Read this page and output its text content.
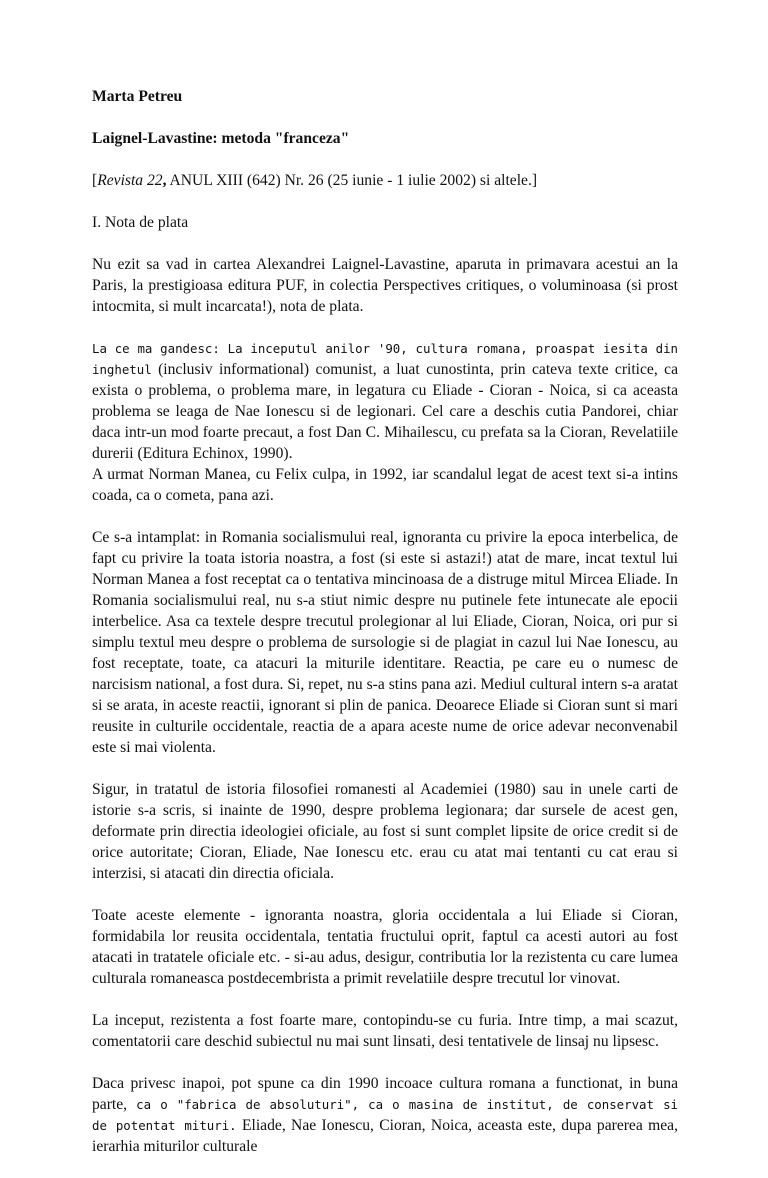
Marta Petreu
Laignel-Lavastine: metoda "franceza"
[Revista 22, ANUL XIII (642) Nr. 26 (25 iunie - 1 iulie 2002) si altele.]
I. Nota de plata

Nu ezit sa vad in cartea Alexandrei Laignel-Lavastine, aparuta in primavara acestui an la Paris, la prestigioasa editura PUF, in colectia Perspectives critiques, o voluminoasa (si prost intocmita, si mult incarcata!), nota de plata.

La ce ma gandesc: La inceputul anilor '90, cultura romana, proaspat iesita din inghetul (inclusiv informational) comunist, a luat cunostinta, prin cateva texte critice, ca exista o problema, o problema mare, in legatura cu Eliade - Cioran - Noica, si ca aceasta problema se leaga de Nae Ionescu si de legionari. Cel care a deschis cutia Pandorei, chiar daca intr-un mod foarte precaut, a fost Dan C. Mihailescu, cu prefata sa la Cioran, Revelatiile durerii (Editura Echinox, 1990).

A urmat Norman Manea, cu Felix culpa, in 1992, iar scandalul legat de acest text si-a intins coada, ca o cometa, pana azi.

Ce s-a intamplat: in Romania socialismului real, ignoranta cu privire la epoca interbelica, de fapt cu privire la toata istoria noastra, a fost (si este si astazi!) atat de mare, incat textul lui Norman Manea a fost receptat ca o tentativa mincinoasa de a distruge mitul Mircea Eliade. In Romania socialismului real, nu s-a stiut nimic despre nu putinele fete intunecate ale epocii interbelice. Asa ca textele despre trecutul prolegionar al lui Eliade, Cioran, Noica, ori pur si simplu textul meu despre o problema de sursologie si de plagiat in cazul lui Nae Ionescu, au fost receptate, toate, ca atacuri la miturile identitare. Reactia, pe care eu o numesc de narcisism national, a fost dura. Si, repet, nu s-a stins pana azi. Mediul cultural intern s-a aratat si se arata, in aceste reactii, ignorant si plin de panica. Deoarece Eliade si Cioran sunt si mari reusite in culturile occidentale, reactia de a apara aceste nume de orice adevar neconvenabil este si mai violenta.

Sigur, in tratatul de istoria filosofiei romanesti al Academiei (1980) sau in unele carti de istorie s-a scris, si inainte de 1990, despre problema legionara; dar sursele de acest gen, deformate prin directia ideologiei oficiale, au fost si sunt complet lipsite de orice credit si de orice autoritate; Cioran, Eliade, Nae Ionescu etc. erau cu atat mai tentanti cu cat erau si interzisi, si atacati din directia oficiala.

Toate aceste elemente - ignoranta noastra, gloria occidentala a lui Eliade si Cioran, formidabila lor reusita occidentala, tentatia fructului oprit, faptul ca acesti autori au fost atacati in tratatele oficiale etc. - si-au adus, desigur, contributia lor la rezistenta cu care lumea culturala romaneasca postdecembrista a primit revelatiile despre trecutul lor vinovat.

La inceput, rezistenta a fost foarte mare, contopindu-se cu furia. Intre timp, a mai scazut, comentatorii care deschid subiectul nu mai sunt linsati, desi tentativele de linsaj nu lipsesc.

Daca privesc inapoi, pot spune ca din 1990 incoace cultura romana a functionat, in buna parte, ca o "fabrica de absoluturi", ca o masina de institut, de conservat si de potentat mituri. Eliade, Nae Ionescu, Cioran, Noica, aceasta este, dupa parerea mea, ierarhia miturilor culturale
